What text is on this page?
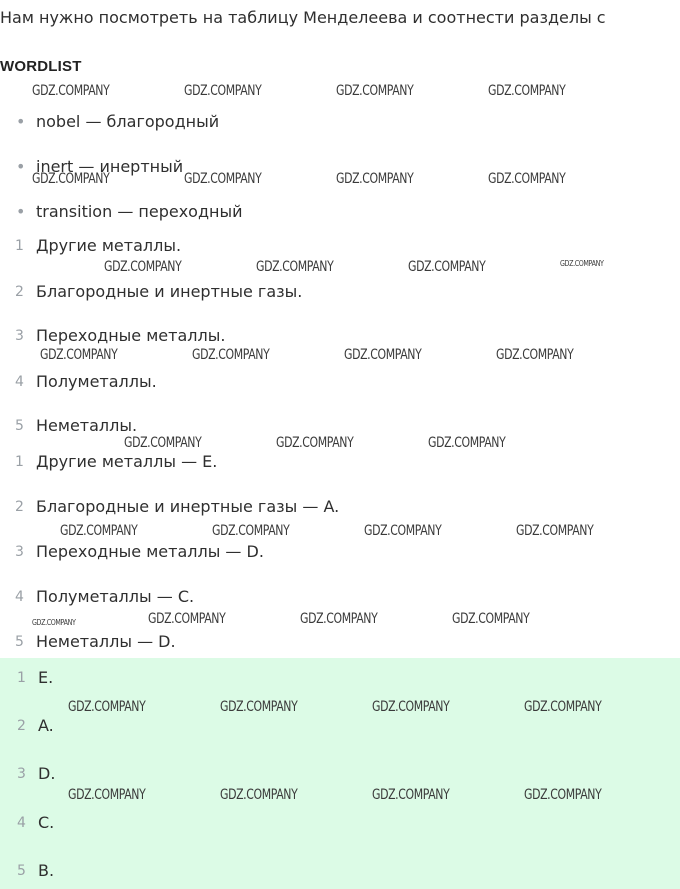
Нам нужно посмотреть на таблицу Менделеева и соотнести разделы с
WORDLIST
• nobel — благородный
• inert — инертный
• transition — переходный
1 Другие металлы.
2 Благородные и инертные газы.
3 Переходные металлы.
4 Полуметаллы.
5 Неметаллы.
1 Другие металлы — E.
2 Благородные и инертные газы — A.
3 Переходные металлы — D.
4 Полуметаллы — C.
5 Неметаллы — D.
1 E.
2 A.
3 D.
4 C.
5 B.
GDZ.COMPANY	GDZ.COMPANY	GDZ.COMPANY	GDZ.COMPANY
GDZ.COMPANY	GDZ.COMPANY	GDZ.COMPANY	GDZ.COMPANY
GDZ.COMPANY	GDZ.COMPANY	GDZ.COMPANY	GDZ.COMPANY
GDZ.COMPANY	GDZ.COMPANY	GDZ.COMPANY	GDZ.COMPANY
GDZ.COMPANY	GDZ.COMPANY	GDZ.COMPANY
GDZ.COMPANY	GDZ.COMPANY	GDZ.COMPANY	GDZ.COMPANY
GDZ.COMPANY	GDZ.COMPANY	GDZ.COMPANY	GDZ.COMPANY
GDZ.COMPANY	GDZ.COMPANY	GDZ.COMPANY	GDZ.COMPANY
GDZ.COMPANY	GDZ.COMPANY	GDZ.COMPANY	GDZ.COMPANY
